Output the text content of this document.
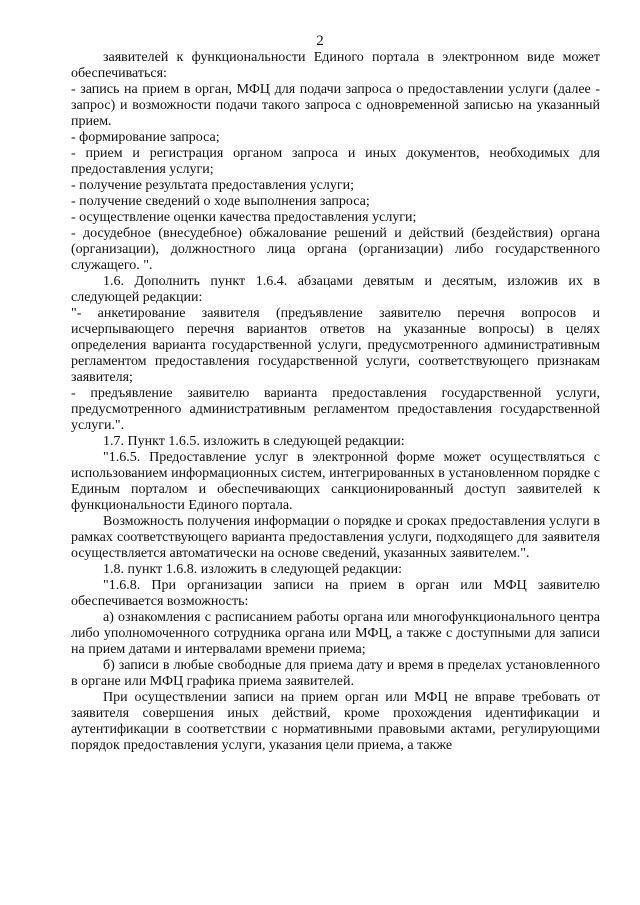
2

заявителей к функциональности Единого портала в электронном виде может обеспечиваться:

- запись на прием в орган, МФЦ для подачи запроса о предоставлении услуги (далее - запрос) и возможности подачи такого запроса с одновременной записью на указанный прием.

- формирование запроса;

- прием и регистрация органом запроса и иных документов, необходимых для предоставления услуги;

- получение результата предоставления услуги;

- получение сведений о ходе выполнения запроса;

- осуществление оценки качества предоставления услуги;

- досудебное (внесудебное) обжалование решений и действий (бездействия) органа (организации), должностного лица органа (организации) либо государственного служащего. ".

1.6. Дополнить пункт 1.6.4. абзацами девятым и десятым, изложив их в следующей редакции:

"- анкетирование заявителя (предъявление заявителю перечня вопросов и исчерпывающего перечня вариантов ответов на указанные вопросы) в целях определения варианта государственной услуги, предусмотренного административным регламентом предоставления государственной услуги, соответствующего признакам заявителя;

- предъявление заявителю варианта предоставления государственной услуги, предусмотренного административным регламентом предоставления государственной услуги.".

1.7. Пункт 1.6.5. изложить в следующей редакции:

"1.6.5. Предоставление услуг в электронной форме может осуществляться с использованием информационных систем, интегрированных в установленном порядке с Единым порталом и обеспечивающих санкционированный доступ заявителей к функциональности Единого портала.

Возможность получения информации о порядке и сроках предоставления услуги в рамках соответствующего варианта предоставления услуги, подходящего для заявителя осуществляется автоматически на основе сведений, указанных заявителем.".

1.8. пункт 1.6.8. изложить в следующей редакции:

"1.6.8. При организации записи на прием в орган или МФЦ заявителю обеспечивается возможность:

а) ознакомления с расписанием работы органа или многофункционального центра либо уполномоченного сотрудника органа или МФЦ, а также с доступными для записи на прием датами и интервалами времени приема;

б) записи в любые свободные для приема дату и время в пределах установленного в органе или МФЦ графика приема заявителей.

При осуществлении записи на прием орган или МФЦ не вправе требовать от заявителя совершения иных действий, кроме прохождения идентификации и аутентификации в соответствии с нормативными правовыми актами, регулирующими порядок предоставления услуги, указания цели приема, а также
